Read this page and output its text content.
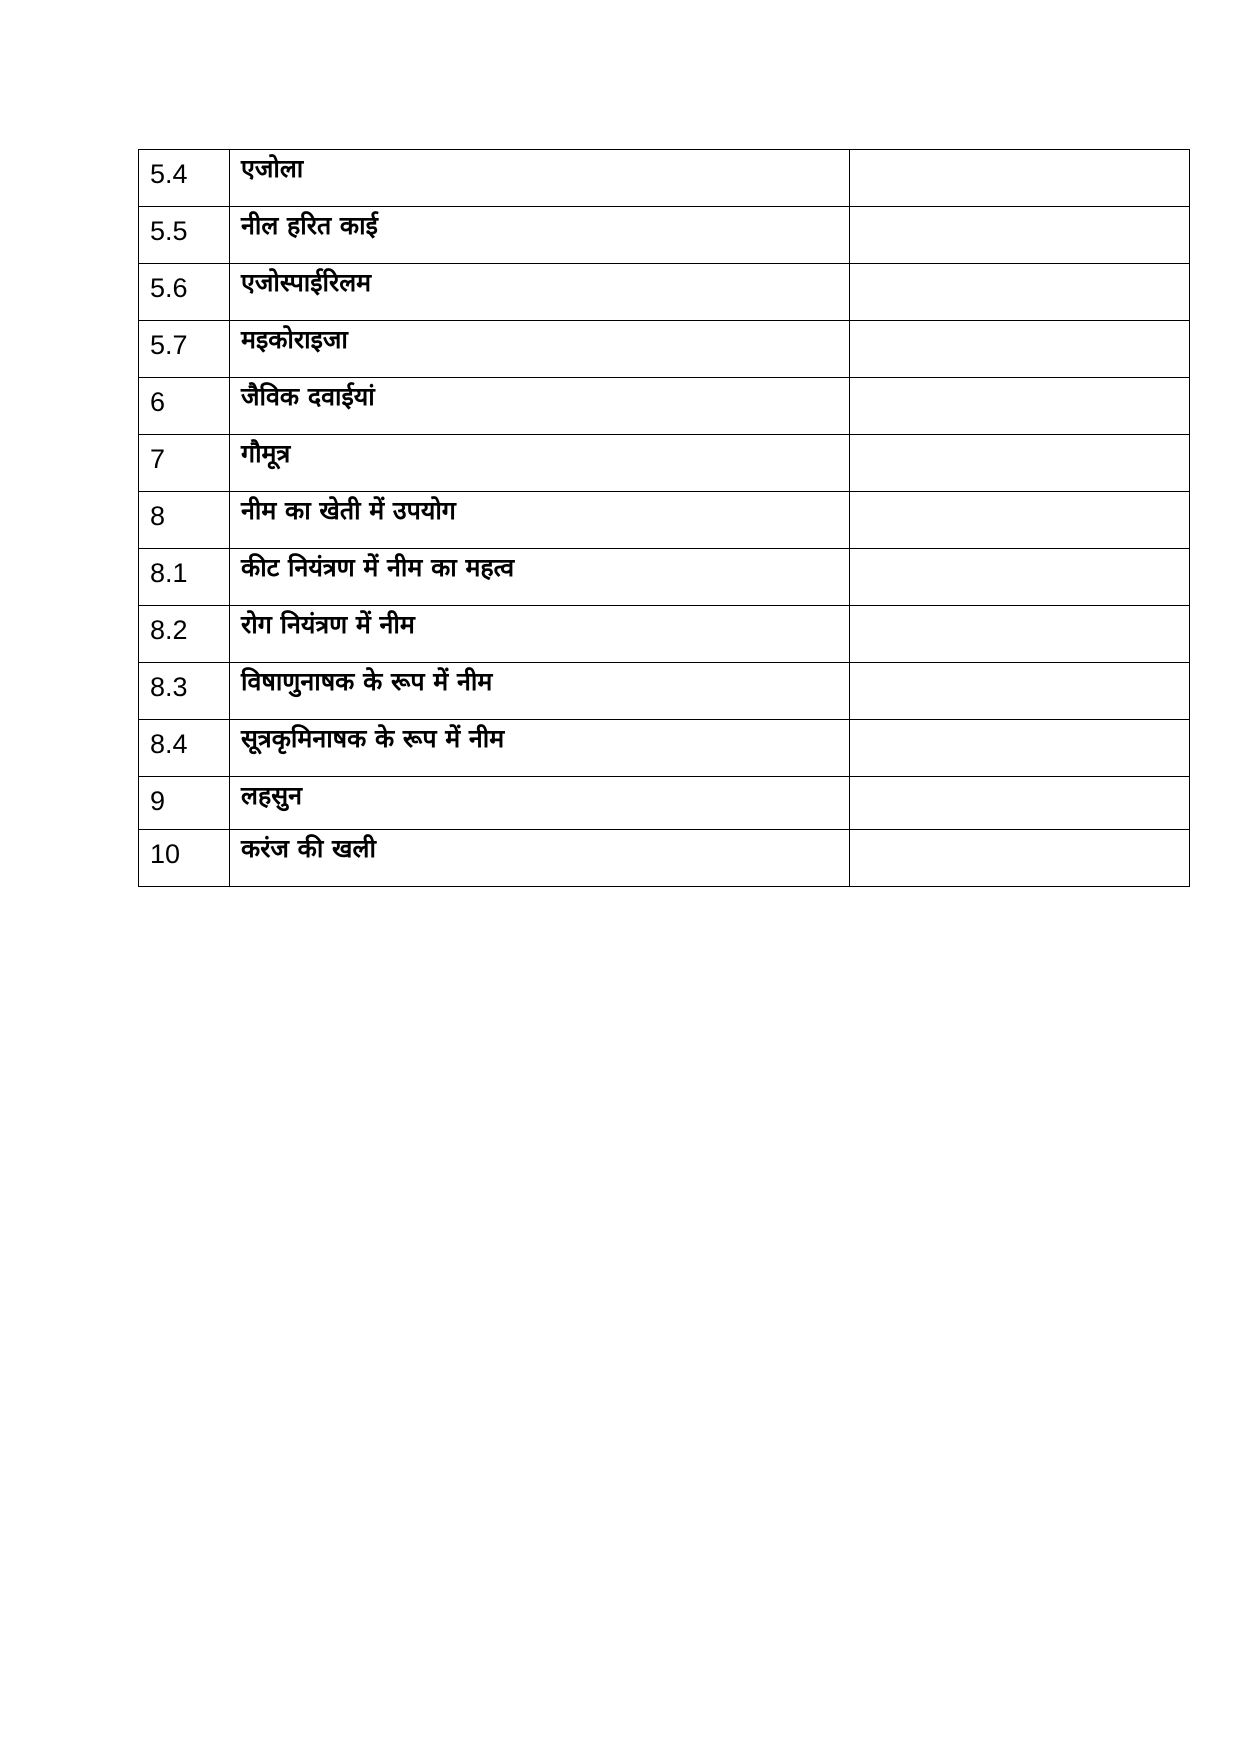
5.4	एजोला	
5.5	नील हरित काई	
5.6	एजोस्पाईरिलम	
5.7	मइकोराइजा	
6	जैविक दवाईयां	
7	गौमूत्र	
8	नीम का खेती में उपयोग	
8.1	कीट नियंत्रण में नीम का महत्व	
8.2	रोग नियंत्रण में नीम	
8.3	विषाणुनाषक के रूप में नीम	
8.4	सूत्रकृमिनाषक के रूप में नीम	
9	लहसुन	
10	करंज की खली	
